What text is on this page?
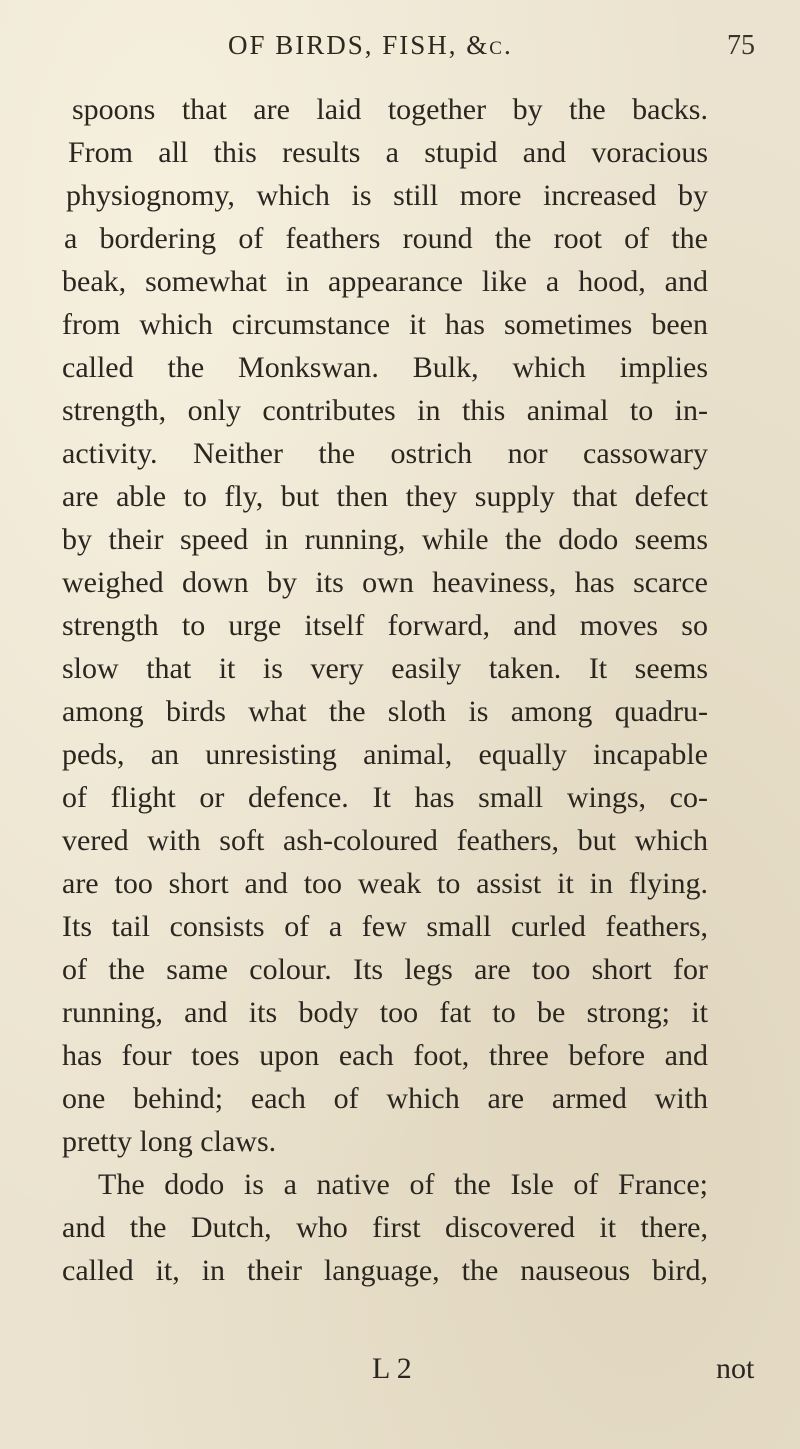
OF BIRDS, FISH, &c.	75
spoons that are laid together by the backs.
From all this results a stupid and voracious
physiognomy, which is still more increased by
a bordering of feathers round the root of the
beak, somewhat in appearance like a hood, and
from which circumstance it has sometimes been
called the Monkswan. Bulk, which implies
strength, only contributes in this animal to in-
activity. Neither the ostrich nor cassowary
are able to fly, but then they supply that defect
by their speed in running, while the dodo seems
weighed down by its own heaviness, has scarce
strength to urge itself forward, and moves so
slow that it is very easily taken. It seems
among birds what the sloth is among quadru-
peds, an unresisting animal, equally incapable
of flight or defence. It has small wings, co-
vered with soft ash-coloured feathers, but which
are too short and too weak to assist it in flying.
Its tail consists of a few small curled feathers,
of the same colour. Its legs are too short for
running, and its body too fat to be strong; it
has four toes upon each foot, three before and
one behind; each of which are armed with
pretty long claws.
The dodo is a native of the Isle of France;
and the Dutch, who first discovered it there,
called it, in their language, the nauseous bird,
L 2	not
